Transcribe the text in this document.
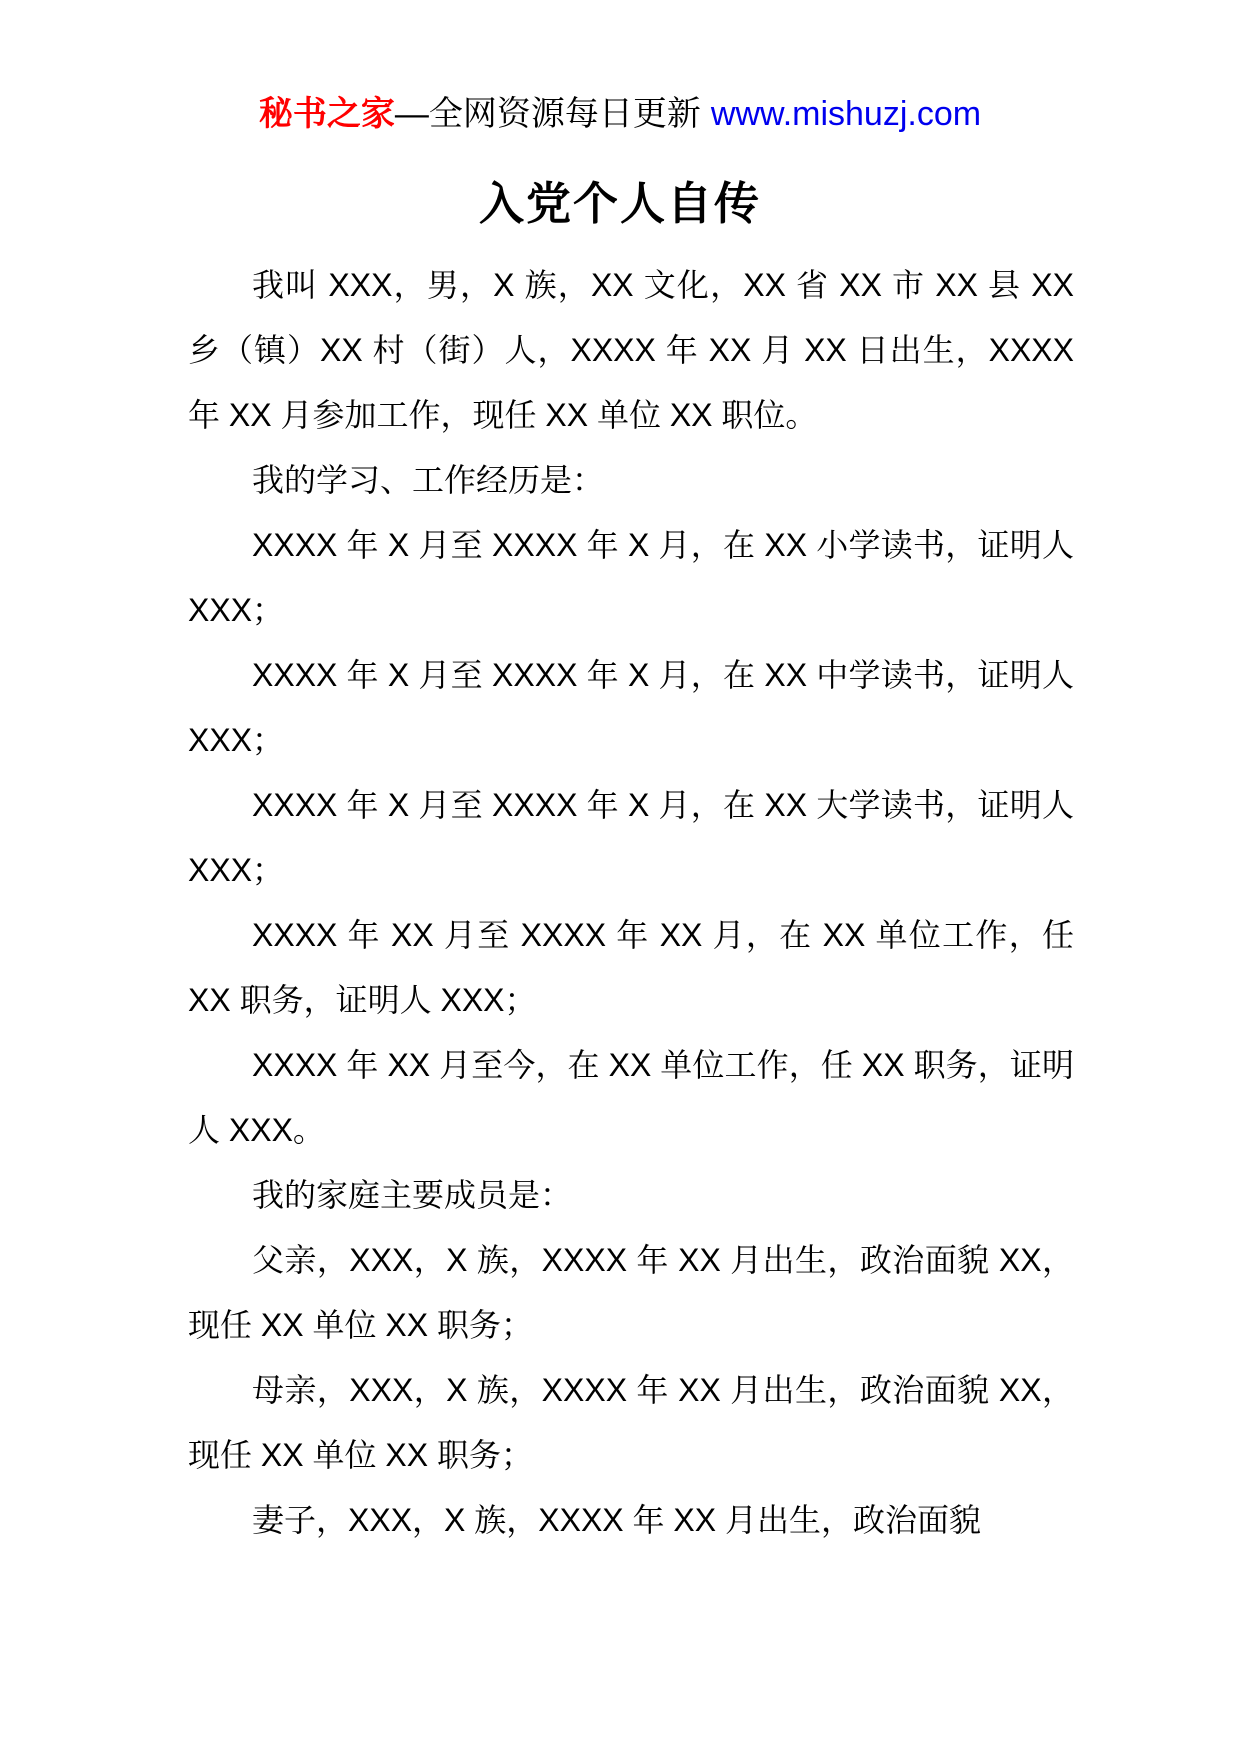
秘书之家—全网资源每日更新 www.mishuzj.com
入党个人自传

我叫 XXX，男，X 族，XX 文化，XX 省 XX 市 XX 县 XX 乡（镇）XX 村（街）人，XXXX 年 XX 月 XX 日出生，XXXX 年 XX 月参加工作，现任 XX 单位 XX 职位。

我的学习、工作经历是：

XXXX 年 X 月至 XXXX 年 X 月，在 XX 小学读书，证明人 XXX；

XXXX 年 X 月至 XXXX 年 X 月，在 XX 中学读书，证明人 XXX；

XXXX 年 X 月至 XXXX 年 X 月，在 XX 大学读书，证明人 XXX；

XXXX 年 XX 月至 XXXX 年 XX 月，在 XX 单位工作，任 XX 职务，证明人 XXX；

XXXX 年 XX 月至今，在 XX 单位工作，任 XX 职务，证明人 XXX。

我的家庭主要成员是：

父亲，XXX，X 族，XXXX 年 XX 月出生，政治面貌 XX，现任 XX 单位 XX 职务；

母亲，XXX，X 族，XXXX 年 XX 月出生，政治面貌 XX，现任 XX 单位 XX 职务；

妻子，XXX，X 族，XXXX 年 XX 月出生，政治面貌
